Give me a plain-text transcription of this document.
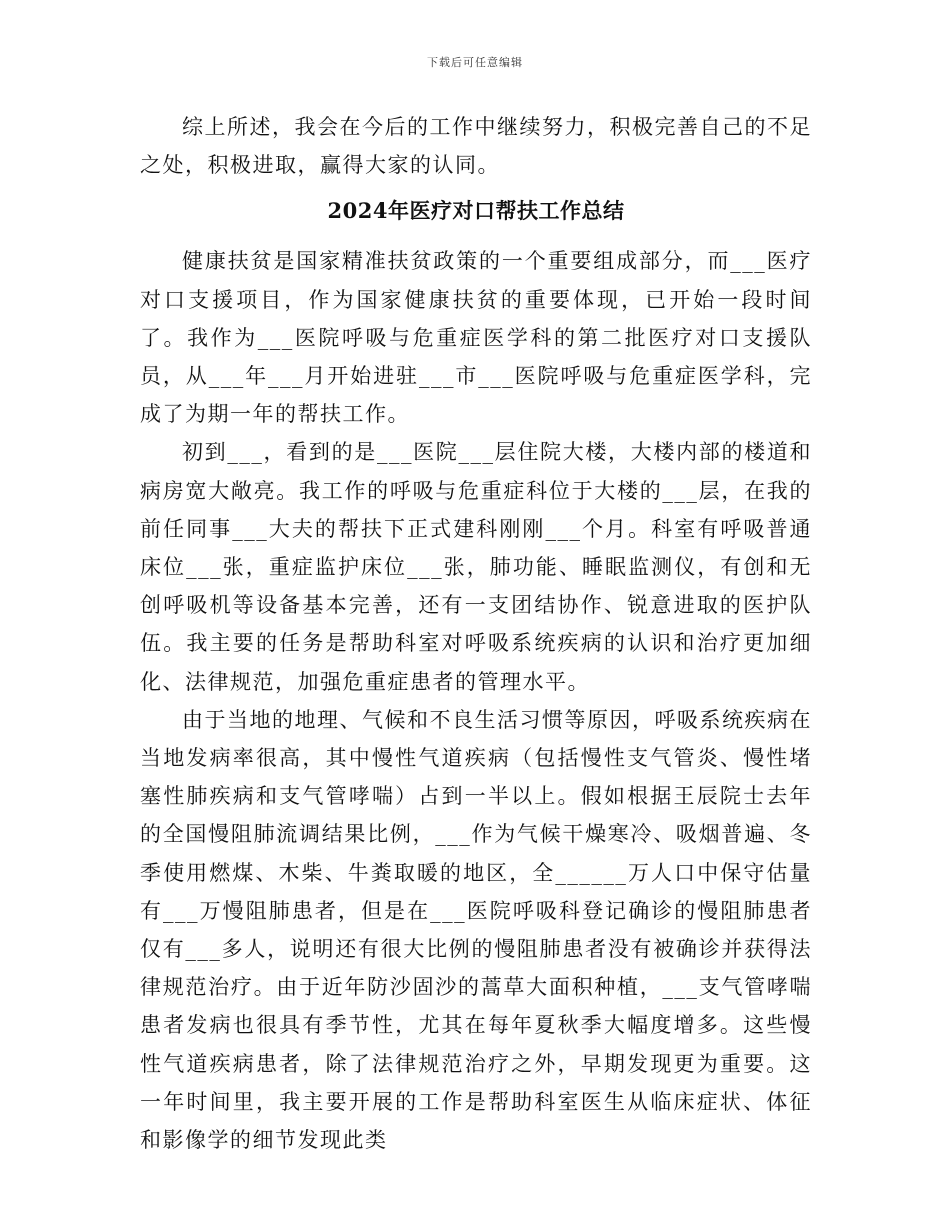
下载后可任意编辑

综上所述，我会在今后的工作中继续努力，积极完善自己的不足之处，积极进取，赢得大家的认同。

2024年医疗对口帮扶工作总结

健康扶贫是国家精准扶贫政策的一个重要组成部分，而___医疗对口支援项目，作为国家健康扶贫的重要体现，已开始一段时间了。我作为___医院呼吸与危重症医学科的第二批医疗对口支援队员，从___年___月开始进驻___市___医院呼吸与危重症医学科，完成了为期一年的帮扶工作。

初到___，看到的是___医院___层住院大楼，大楼内部的楼道和病房宽大敞亮。我工作的呼吸与危重症科位于大楼的___层，在我的前任同事___大夫的帮扶下正式建科刚刚___个月。科室有呼吸普通床位___张，重症监护床位___张，肺功能、睡眠监测仪，有创和无创呼吸机等设备基本完善，还有一支团结协作、锐意进取的医护队伍。我主要的任务是帮助科室对呼吸系统疾病的认识和治疗更加细化、法律规范，加强危重症患者的管理水平。

由于当地的地理、气候和不良生活习惯等原因，呼吸系统疾病在当地发病率很高，其中慢性气道疾病（包括慢性支气管炎、慢性堵塞性肺疾病和支气管哮喘）占到一半以上。假如根据王辰院士去年的全国慢阻肺流调结果比例，___作为气候干燥寒冷、吸烟普遍、冬季使用燃煤、木柴、牛粪取暖的地区，全______万人口中保守估量有___万慢阻肺患者，但是在___医院呼吸科登记确诊的慢阻肺患者仅有___多人，说明还有很大比例的慢阻肺患者没有被确诊并获得法律规范治疗。由于近年防沙固沙的蒿草大面积种植，___支气管哮喘患者发病也很具有季节性，尤其在每年夏秋季大幅度增多。这些慢性气道疾病患者，除了法律规范治疗之外，早期发现更为重要。这一年时间里，我主要开展的工作是帮助科室医生从临床症状、体征和影像学的细节发现此类
